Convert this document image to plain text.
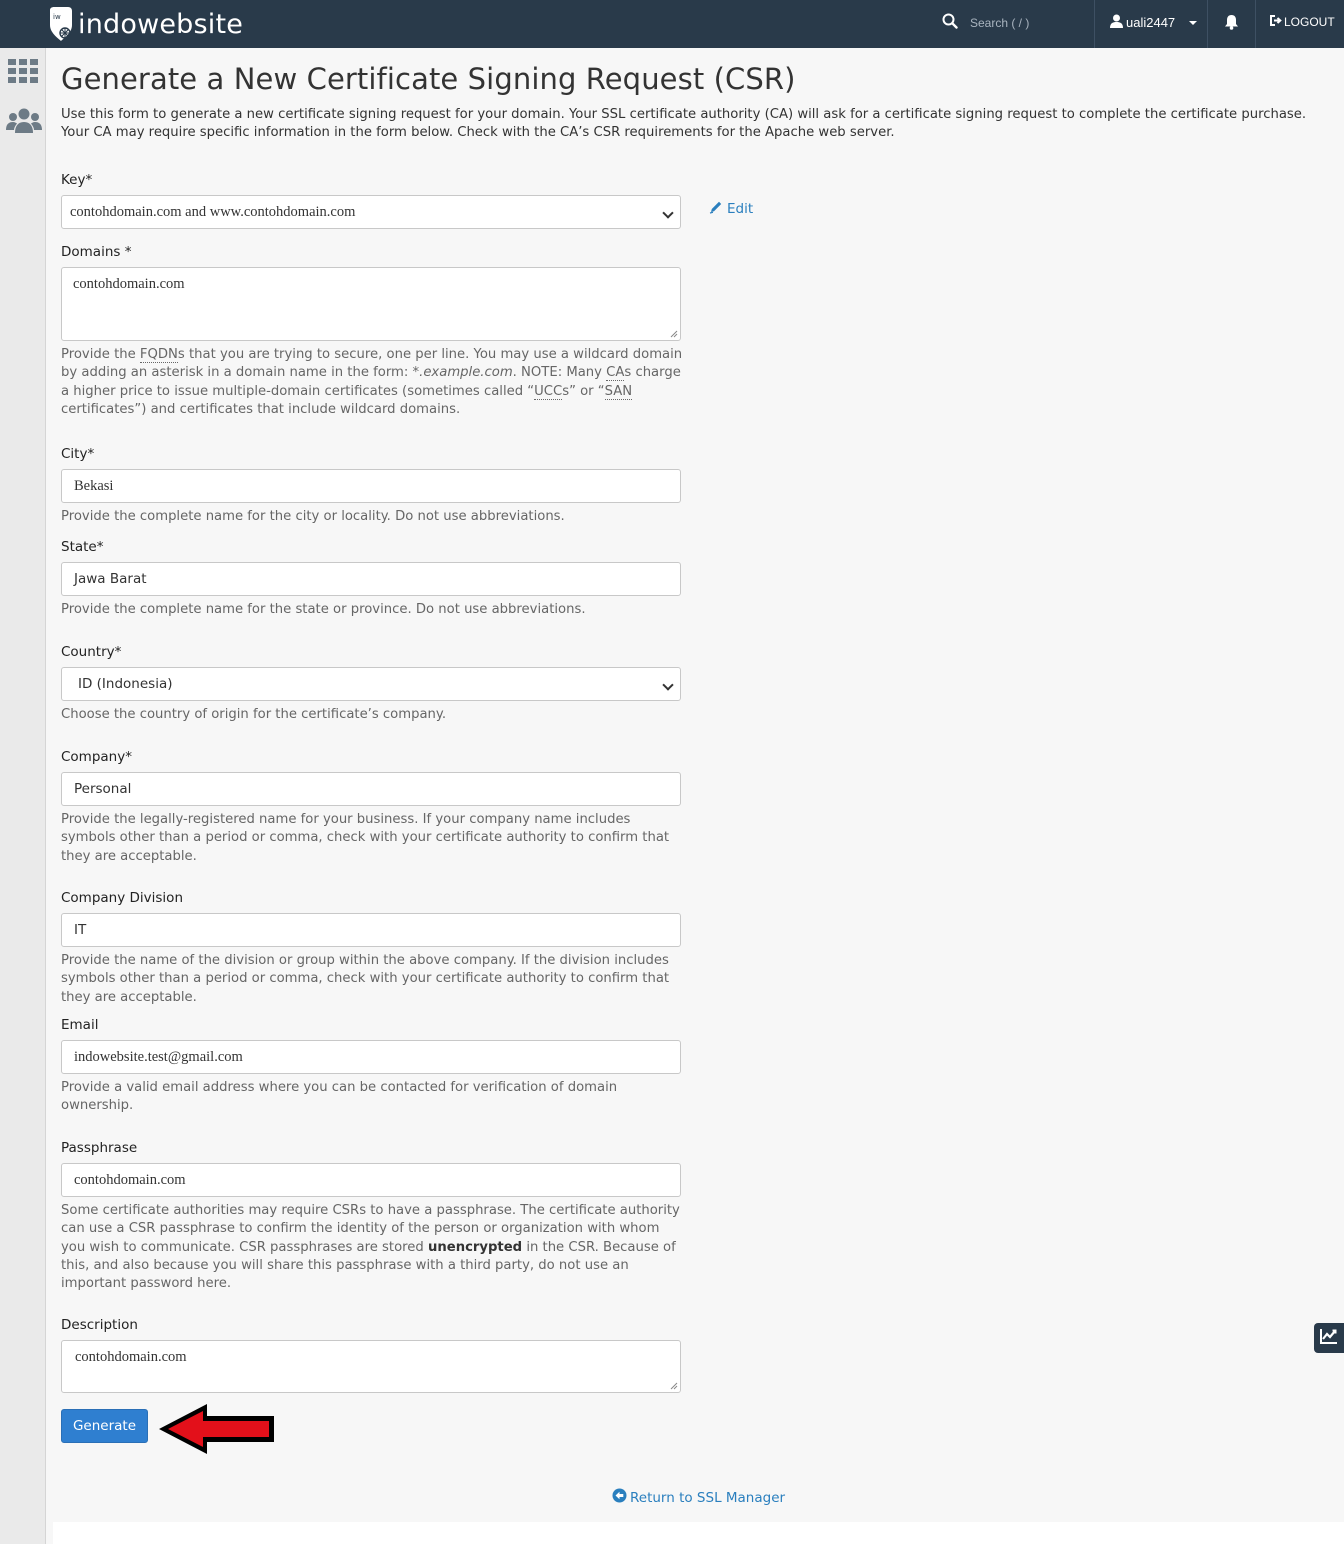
iw indowebsite
Search ( / )	uali2447	LOGOUT
Generate a New Certificate Signing Request (CSR)

Use this form to generate a new certificate signing request for your domain. Your SSL certificate authority (CA) will ask for a certificate signing request to complete the certificate purchase. Your CA may require specific information in the form below. Check with the CA’s CSR requirements for the Apache web server.

Key*
contohdomain.com and www.contohdomain.com	Edit
Domains *
contohdomain.com

Provide the FQDNs that you are trying to secure, one per line. You may use a wildcard domain by adding an asterisk in a domain name in the form: *.example.com. NOTE: Many CAs charge a higher price to issue multiple-domain certificates (sometimes called “UCCs” or “SAN certificates”) and certificates that include wildcard domains.

City*
Bekasi

Provide the complete name for the city or locality. Do not use abbreviations.

State*
Jawa Barat

Provide the complete name for the state or province. Do not use abbreviations.

Country*
ID (Indonesia)

Choose the country of origin for the certificate’s company.

Company*
Personal

Provide the legally-registered name for your business. If your company name includes symbols other than a period or comma, check with your certificate authority to confirm that they are acceptable.

Company Division
IT

Provide the name of the division or group within the above company. If the division includes symbols other than a period or comma, check with your certificate authority to confirm that they are acceptable.

Email
indowebsite.test@gmail.com

Provide a valid email address where you can be contacted for verification of domain ownership.

Passphrase
contohdomain.com

Some certificate authorities may require CSRs to have a passphrase. The certificate authority can use a CSR passphrase to confirm the identity of the person or organization with whom you wish to communicate. CSR passphrases are stored unencrypted in the CSR. Because of this, and also because you will share this passphrase with a third party, do not use an important password here.

Description
contohdomain.com
Generate
Return to SSL Manager
